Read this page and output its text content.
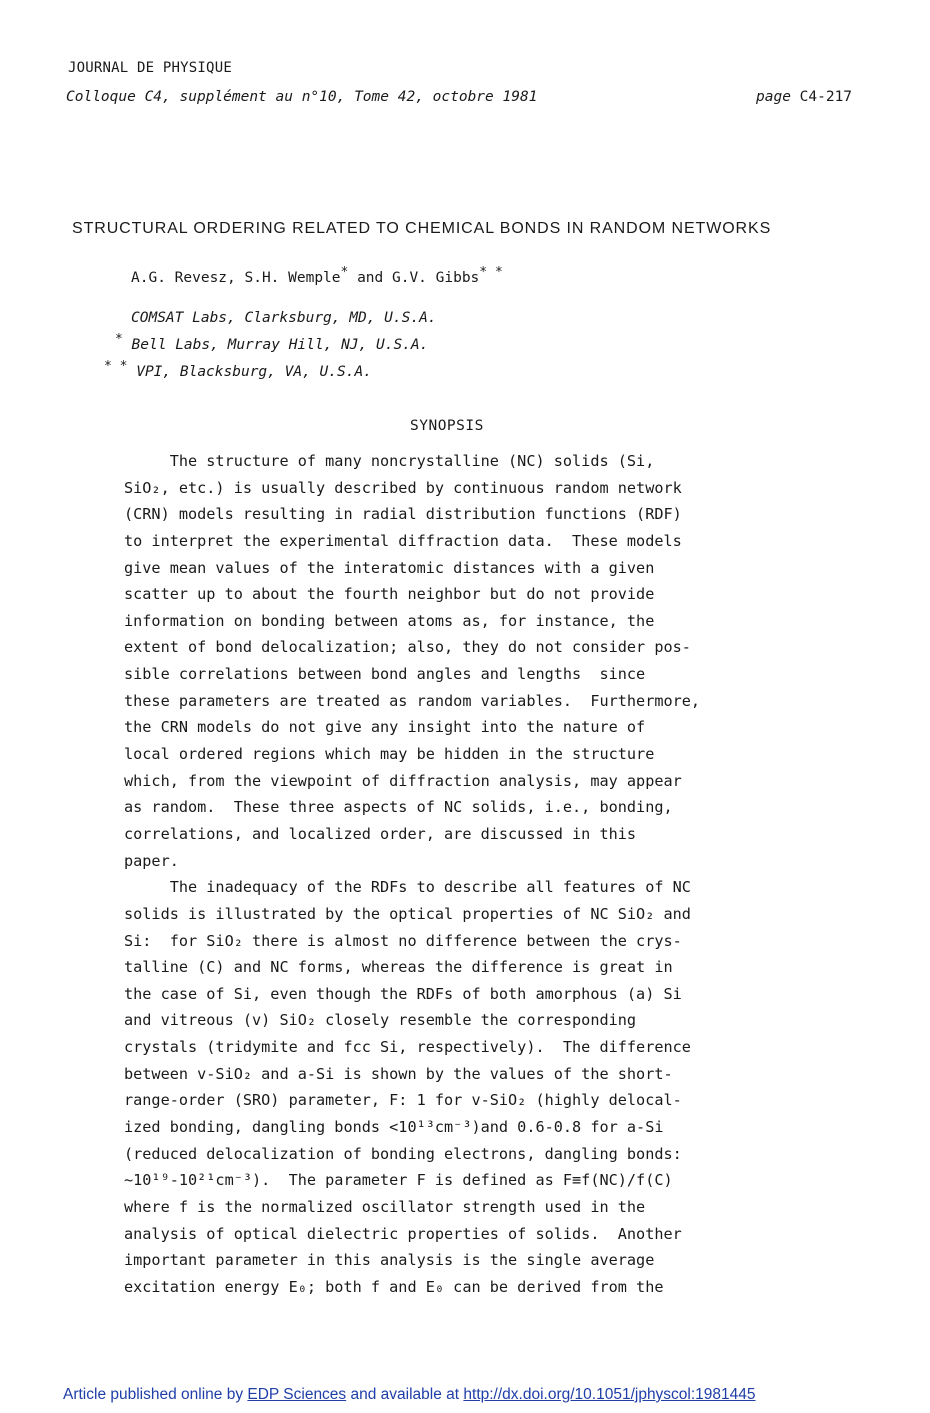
JOURNAL DE PHYSIQUE
Colloque C4, supplément au n°10, Tome 42, octobre 1981	page C4-217
STRUCTURAL ORDERING RELATED TO CHEMICAL BONDS IN RANDOM NETWORKS
A.G. Revesz, S.H. Wemple* and G.V. Gibbs* *
COMSAT Labs, Clarksburg, MD, U.S.A.
* Bell Labs, Murray Hill, NJ, U.S.A.
* * VPI, Blacksburg, VA, U.S.A.
SYNOPSIS
The structure of many noncrystalline (NC) solids (Si,
SiO₂, etc.) is usually described by continuous random network
(CRN) models resulting in radial distribution functions (RDF)
to interpret the experimental diffraction data.  These models
give mean values of the interatomic distances with a given
scatter up to about the fourth neighbor but do not provide
information on bonding between atoms as, for instance, the
extent of bond delocalization; also, they do not consider pos-
sible correlations between bond angles and lengths  since
these parameters are treated as random variables.  Furthermore,
the CRN models do not give any insight into the nature of
local ordered regions which may be hidden in the structure
which, from the viewpoint of diffraction analysis, may appear
as random.  These three aspects of NC solids, i.e., bonding,
correlations, and localized order, are discussed in this
paper.
The inadequacy of the RDFs to describe all features of NC
solids is illustrated by the optical properties of NC SiO₂ and
Si:  for SiO₂ there is almost no difference between the crys-
talline (C) and NC forms, whereas the difference is great in
the case of Si, even though the RDFs of both amorphous (a) Si
and vitreous (v) SiO₂ closely resemble the corresponding
crystals (tridymite and fcc Si, respectively).  The difference
between v-SiO₂ and a-Si is shown by the values of the short-
range-order (SRO) parameter, F: 1 for v-SiO₂ (highly delocal-
ized bonding, dangling bonds <10¹³cm⁻³)and 0.6-0.8 for a-Si
(reduced delocalization of bonding electrons, dangling bonds:
~10¹⁹-10²¹cm⁻³).  The parameter F is defined as F≡f(NC)/f(C)
where f is the normalized oscillator strength used in the
analysis of optical dielectric properties of solids.  Another
important parameter in this analysis is the single average
excitation energy E₀; both f and E₀ can be derived from the
Article published online by EDP Sciences and available at http://dx.doi.org/10.1051/jphyscol:1981445
